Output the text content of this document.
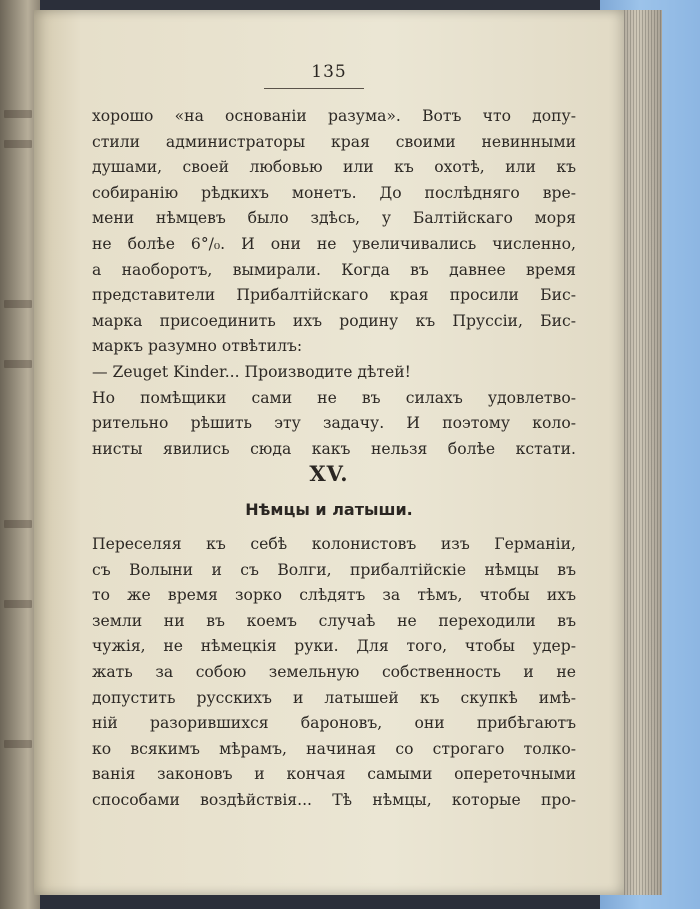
135
хорошо «на основанiи разума». Вотъ что допу-
стили администраторы края своими невинными
душами, своей любовью или къ охотѣ, или къ
собиранiю рѣдкихъ монетъ. До послѣдняго вре-
мени нѣмцевъ было здѣсь, у Балтiйскаго моря
не болѣе 6°/₀. И они не увеличивались численно,
а наоборотъ, вымирали. Когда въ давнее время
представители Прибалтiйскаго края просили Бис-
марка присоединить ихъ родину къ Пруссiи, Бис-
маркъ разумно отвѣтилъ:
— Zeuget Kinder... Производите дѣтей!
Но помѣщики сами не въ силахъ удовлетво-
рительно рѣшить эту задачу. И поэтому коло-
нисты явились сюда какъ нельзя болѣе кстати.
XV.
Нѣмцы и латыши.
Переселяя къ себѣ колонистовъ изъ Германiи,
съ Волыни и съ Волги, прибалтiйскiе нѣмцы въ
то же время зорко слѣдятъ за тѣмъ, чтобы ихъ
земли ни въ коемъ случаѣ не переходили въ
чужiя, не нѣмецкiя руки. Для того, чтобы удер-
жать за собою земельную собственность и не
допустить русскихъ и латышей къ скупкѣ имѣ-
нiй разорившихся бароновъ, они прибѣгаютъ
ко всякимъ мѣрамъ, начиная со строгаго толко-
ванiя законовъ и кончая самыми опереточными
способами воздѣйствiя... Тѣ нѣмцы, которые про-
